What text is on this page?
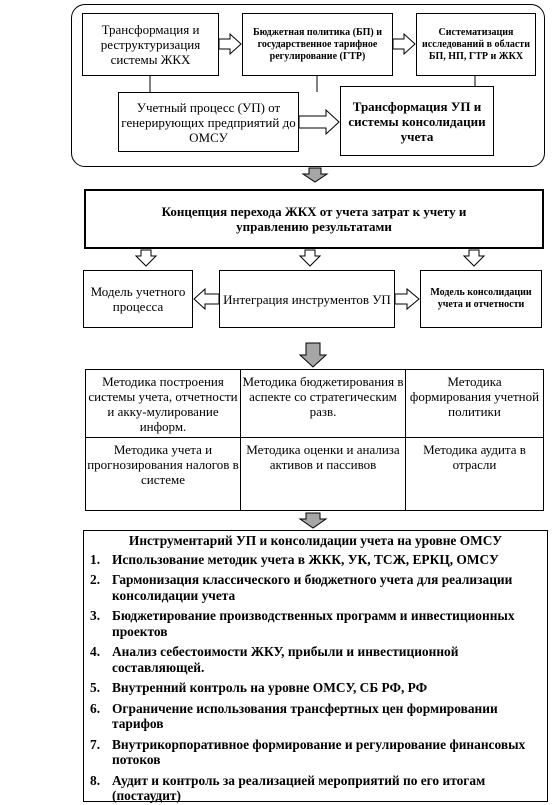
Трансформация и реструктуризация системы ЖКХ
Бюджетная политика (БП) и государственное тарифное регулирование (ГТР)
Систематизация исследований в области БП, НП, ГТР и ЖКХ
Учетный процесс (УП) от генерирующих предприятий до ОМСУ
Трансформация УП и системы консолидации учета
Концепция перехода ЖКХ от учета затрат к учету и управлению результатами
Модель учетного процесса	Интеграция инструментов УП	Модель консолидации учета и отчетности
Методика построения системы учета, отчетности и акку-мулирование информ.
Методика бюджетирования в аспекте со стратегическим разв.
Методика формирования учетной политики
Методика учета и прогнозирования налогов в системе
Методика оценки и анализа активов и пассивов
Методика аудита в отрасли
Инструментарий УП и консолидации учета на уровне ОМСУ
1. Использование методик учета в ЖКК, УК, ТСЖ, ЕРКЦ, ОМСУ
2. Гармонизация классического и бюджетного учета для реализации консолидации учета
3. Бюджетирование производственных программ и инвестиционных проектов
4. Анализ себестоимости ЖКУ, прибыли и инвестиционной составляющей.
5. Внутренний контроль на уровне ОМСУ, СБ РФ, РФ
6. Ограничение использования трансфертных цен формировании тарифов
7. Внутрикорпоративное формирование и регулирование финансовых потоков
8. Аудит и контроль за реализацией мероприятий по его итогам (постаудит)
